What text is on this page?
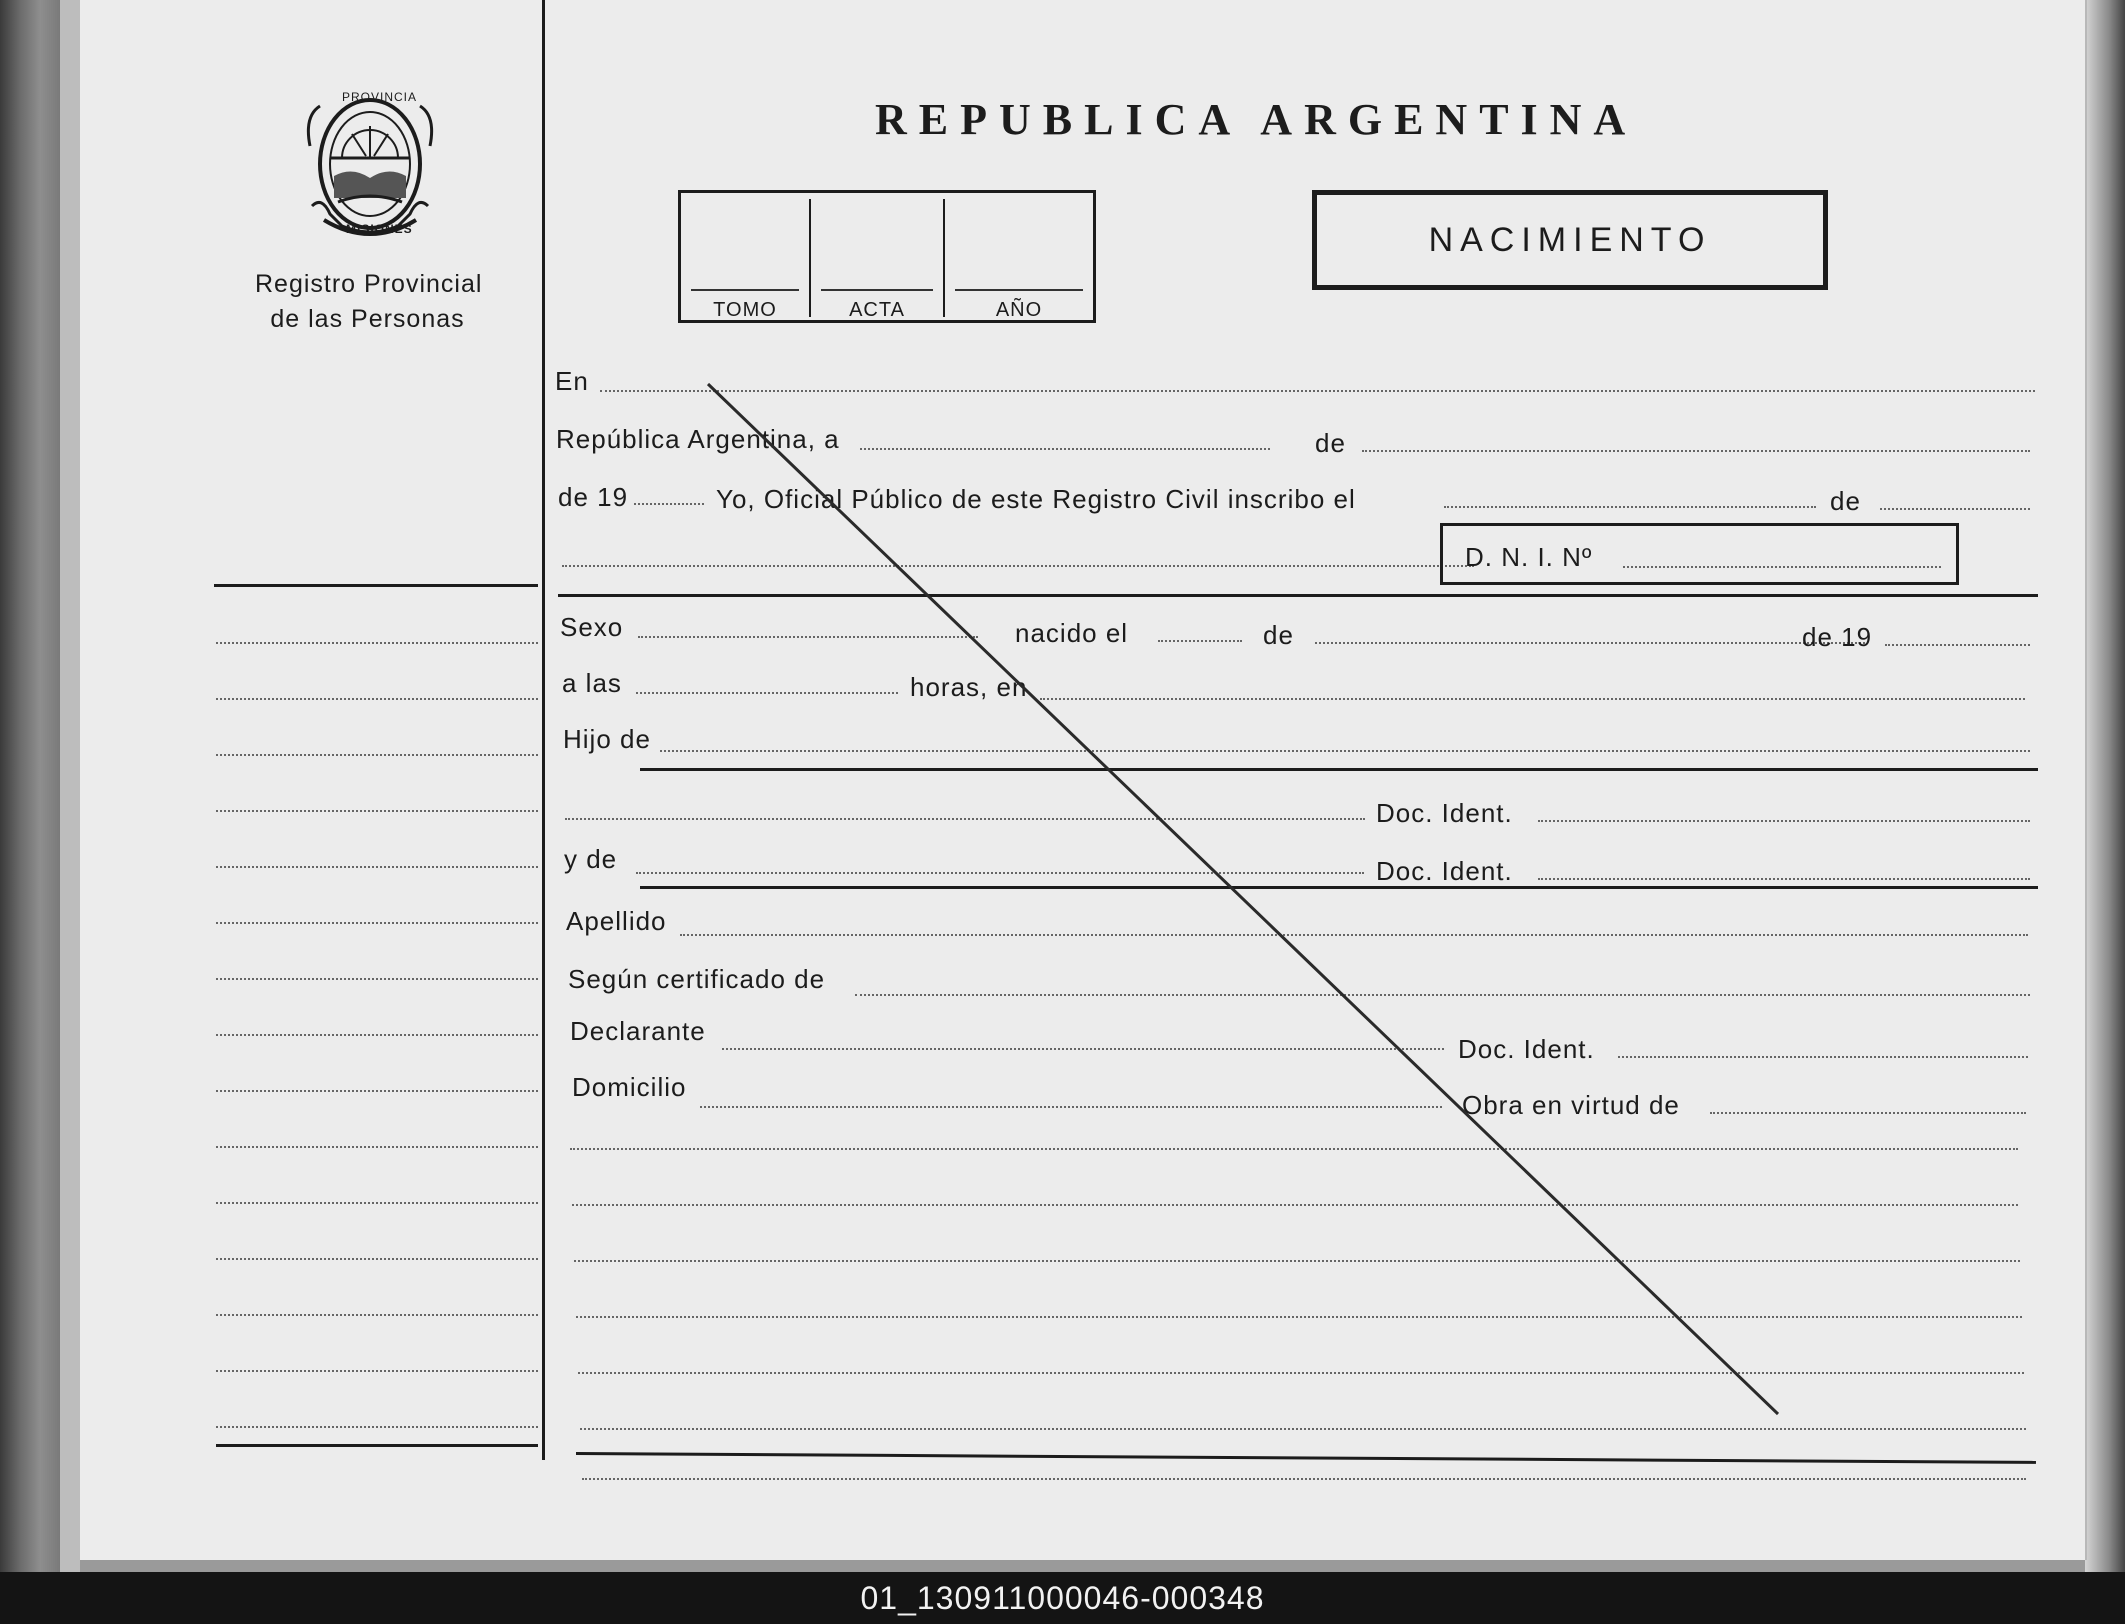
PROVINCIA
MISIONES
Registro Provincial
de las Personas
REPUBLICA ARGENTINA
TOMO	ACTA	AÑO
NACIMIENTO
En
República Argentina, a	de
de 19	Yo, Oficial Público de este Registro Civil inscribo el	de
D. N. I. Nº
Sexo	nacido el	de	de 19
a las	horas, en
Hijo de
Doc. Ident.
y de	Doc. Ident.
Apellido
Según certificado de
Declarante
Doc. Ident.
Domicilio
Obra en virtud de
01_130911000046-000348
